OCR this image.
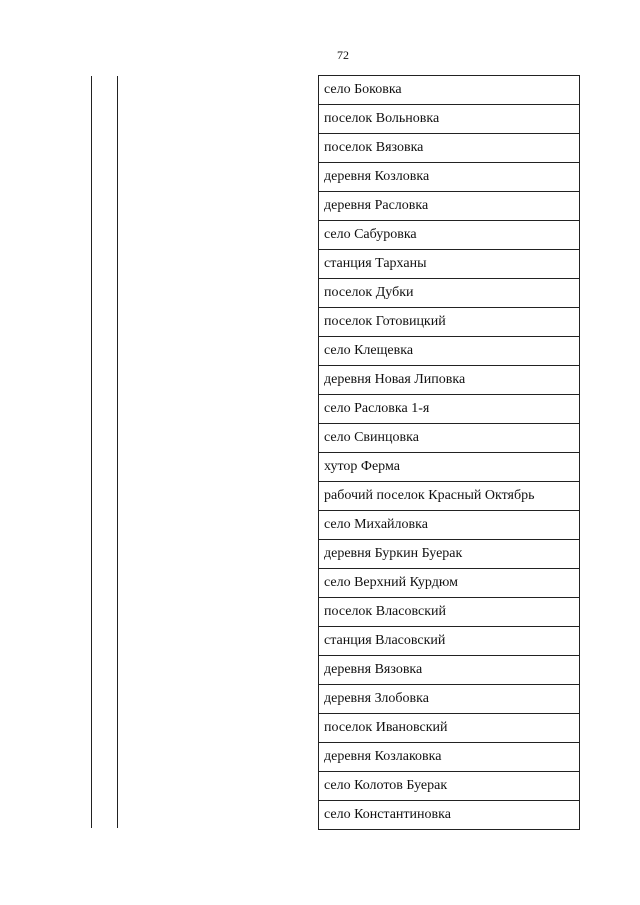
72
село Боковка
поселок Вольновка
поселок Вязовка
деревня Козловка
деревня Расловка
село Сабуровка
станция Тарханы
поселок Дубки
поселок Готовицкий
село Клещевка
деревня Новая Липовка
село Расловка 1-я
село Свинцовка
хутор Ферма
рабочий поселок Красный Октябрь
село Михайловка
деревня Буркин Буерак
село Верхний Курдюм
поселок Власовский
станция Власовский
деревня Вязовка
деревня Злобовка
поселок Ивановский
деревня Козлаковка
село Колотов Буерак
село Константиновка
